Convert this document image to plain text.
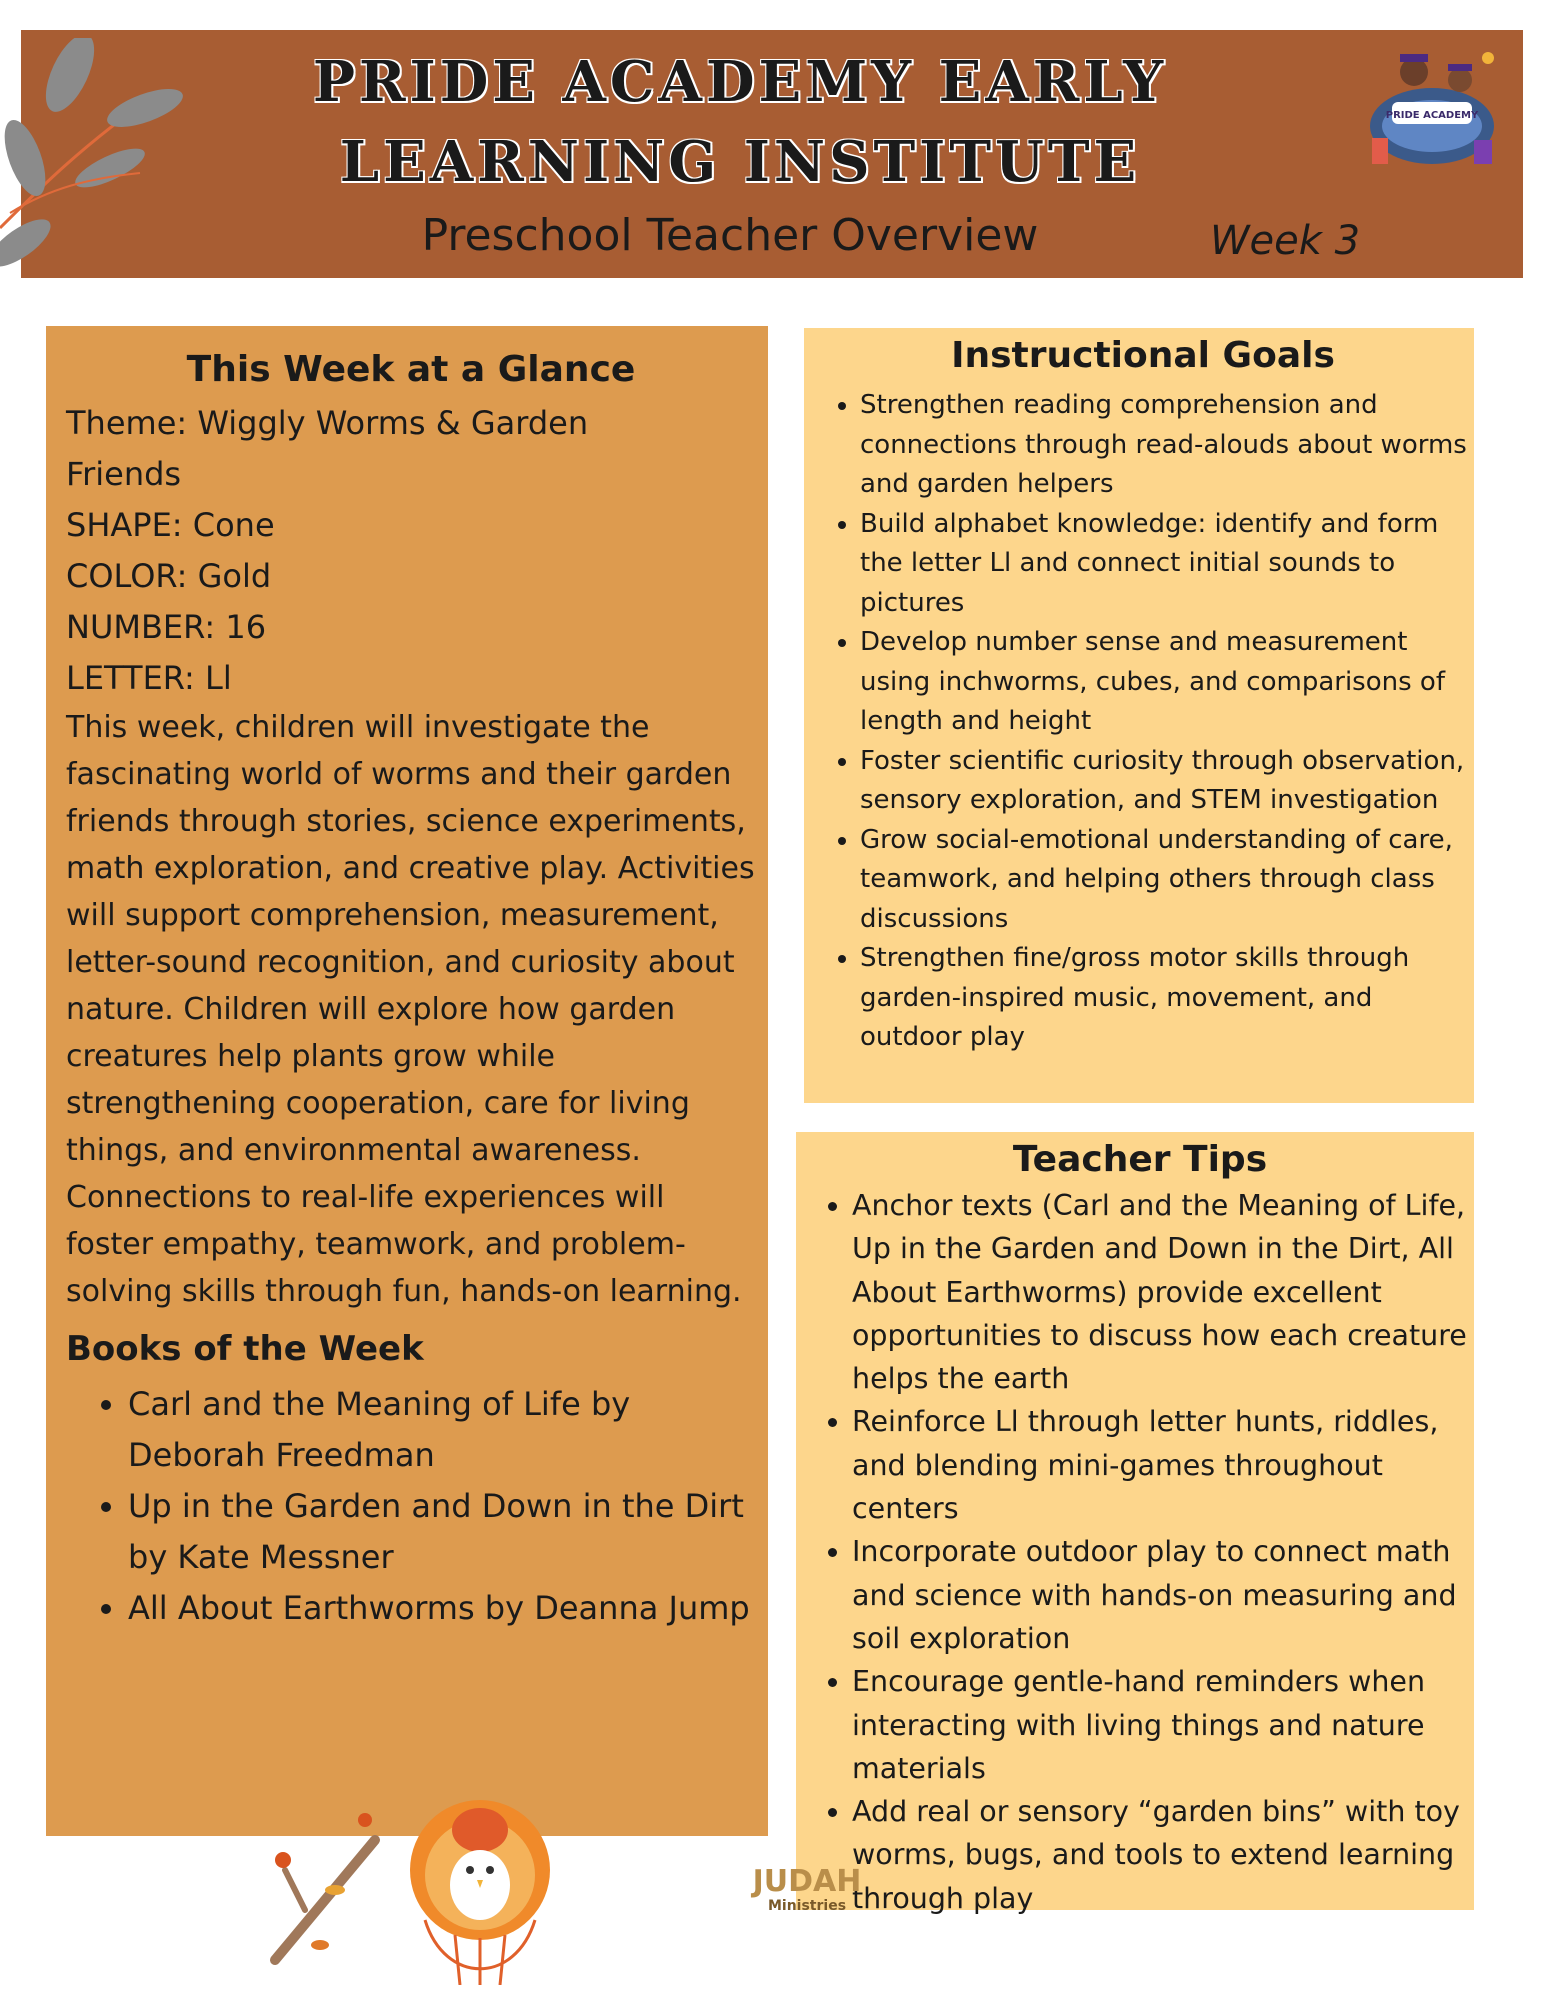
PRIDE ACADEMY EARLY
LEARNING INSTITUTE
Preschool Teacher Overview	Week 3
PRIDE ACADEMY
This Week at a Glance
Theme: Wiggly Worms & Garden Friends
SHAPE: Cone
COLOR: Gold
NUMBER: 16
LETTER: Ll
This week, children will investigate the fascinating world of worms and their garden friends through stories, science experiments, math exploration, and creative play. Activities will support comprehension, measurement, letter-sound recognition, and curiosity about nature. Children will explore how garden creatures help plants grow while strengthening cooperation, care for living things, and environmental awareness. Connections to real-life experiences will foster empathy, teamwork, and problem-solving skills through fun, hands-on learning.
Books of the Week
• Carl and the Meaning of Life by Deborah Freedman
• Up in the Garden and Down in the Dirt by Kate Messner
• All About Earthworms by Deanna Jump
Instructional Goals
• Strengthen reading comprehension and connections through read-alouds about worms and garden helpers
• Build alphabet knowledge: identify and form the letter Ll and connect initial sounds to pictures
• Develop number sense and measurement using inchworms, cubes, and comparisons of length and height
• Foster scientific curiosity through observation, sensory exploration, and STEM investigation
• Grow social-emotional understanding of care, teamwork, and helping others through class discussions
• Strengthen fine/gross motor skills through garden-inspired music, movement, and outdoor play
Teacher Tips
• Anchor texts (Carl and the Meaning of Life, Up in the Garden and Down in the Dirt, All About Earthworms) provide excellent opportunities to discuss how each creature helps the earth
• Reinforce Ll through letter hunts, riddles, and blending mini-games throughout centers
• Incorporate outdoor play to connect math and science with hands-on measuring and soil exploration
• Encourage gentle-hand reminders when interacting with living things and nature materials
• Add real or sensory “garden bins” with toy worms, bugs, and tools to extend learning through play
JUDAH
Ministries
